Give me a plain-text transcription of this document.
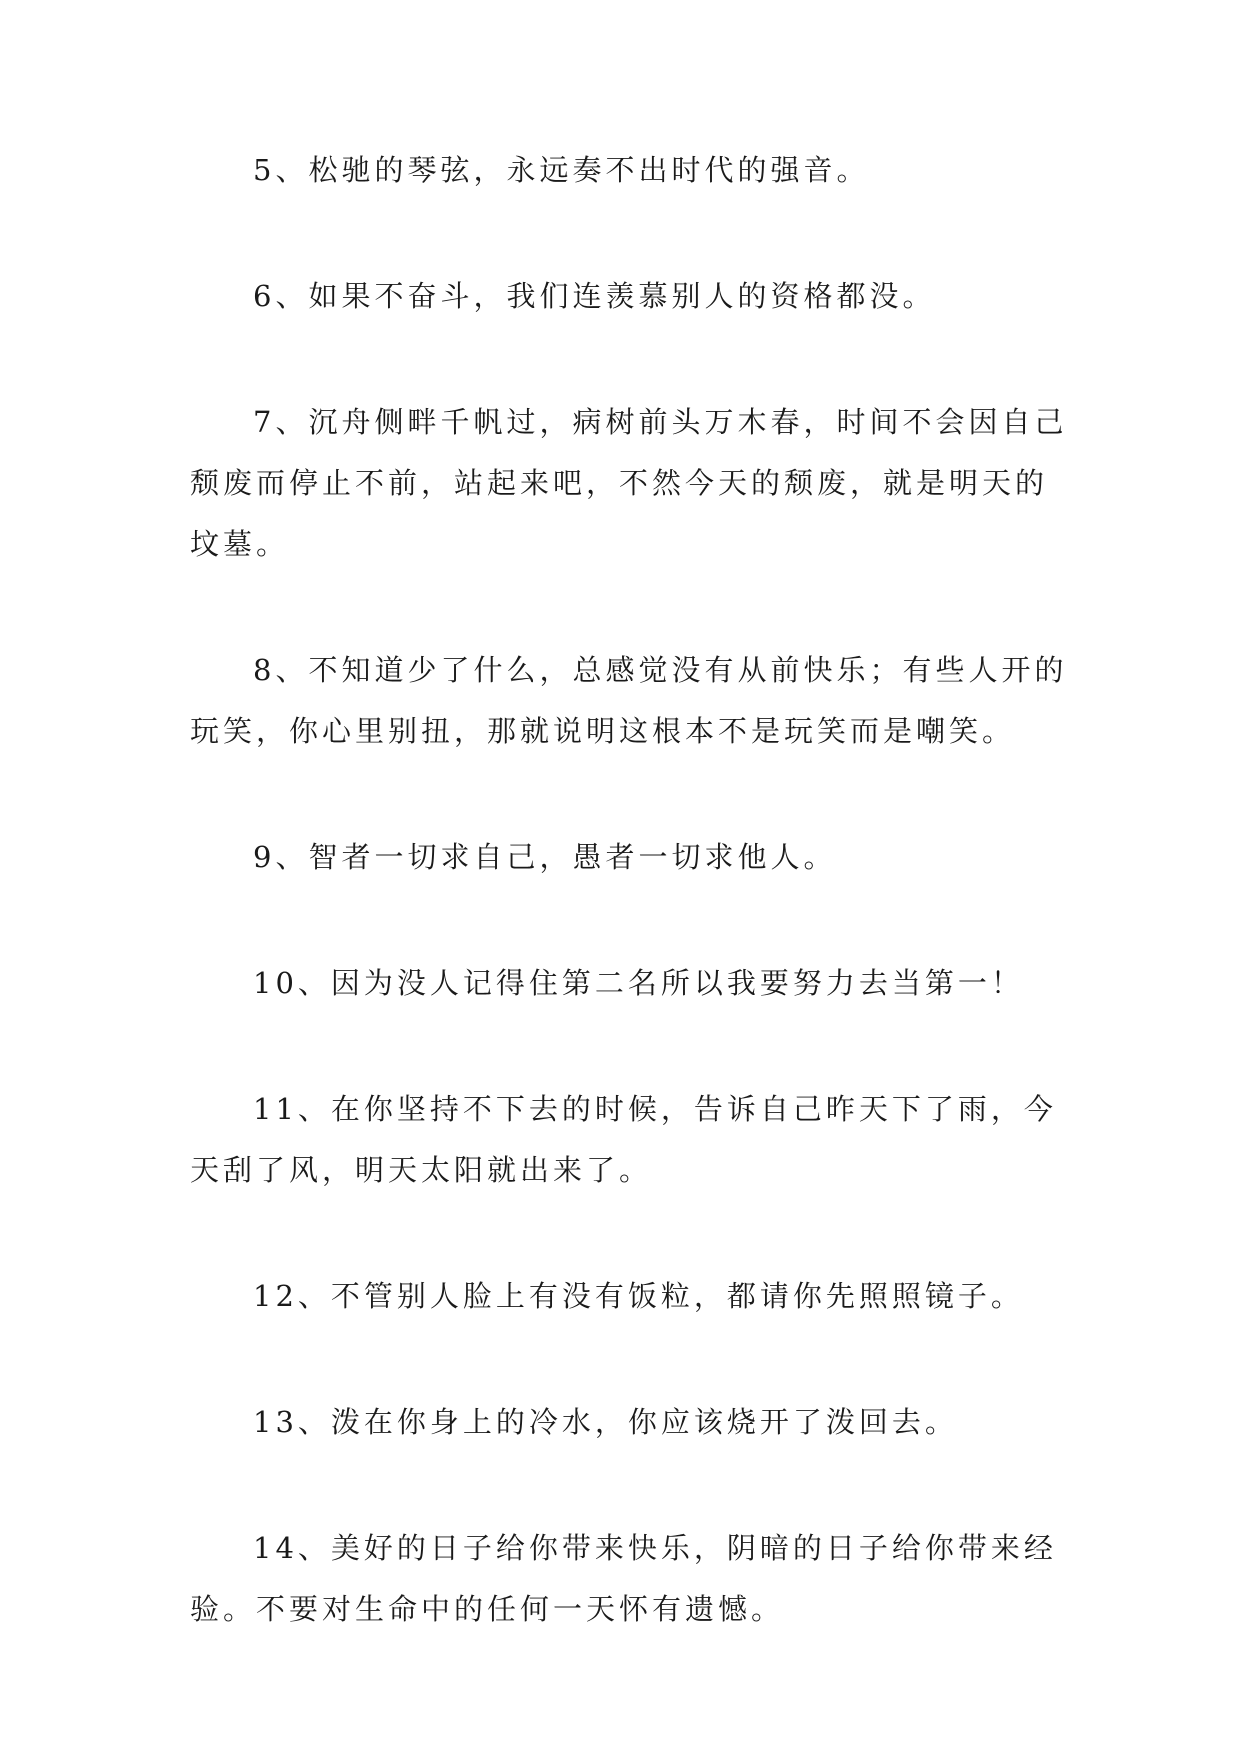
5、松驰的琴弦，永远奏不出时代的强音。

6、如果不奋斗，我们连羡慕别人的资格都没。

7、沉舟侧畔千帆过，病树前头万木春，时间不会因自己颓废而停止不前，站起来吧，不然今天的颓废，就是明天的坟墓。

8、不知道少了什么，总感觉没有从前快乐；有些人开的玩笑，你心里别扭，那就说明这根本不是玩笑而是嘲笑。

9、智者一切求自己，愚者一切求他人。

10、因为没人记得住第二名所以我要努力去当第一！

11、在你坚持不下去的时候，告诉自己昨天下了雨，今天刮了风，明天太阳就出来了。

12、不管别人脸上有没有饭粒，都请你先照照镜子。

13、泼在你身上的冷水，你应该烧开了泼回去。

14、美好的日子给你带来快乐，阴暗的日子给你带来经验。不要对生命中的任何一天怀有遗憾。
